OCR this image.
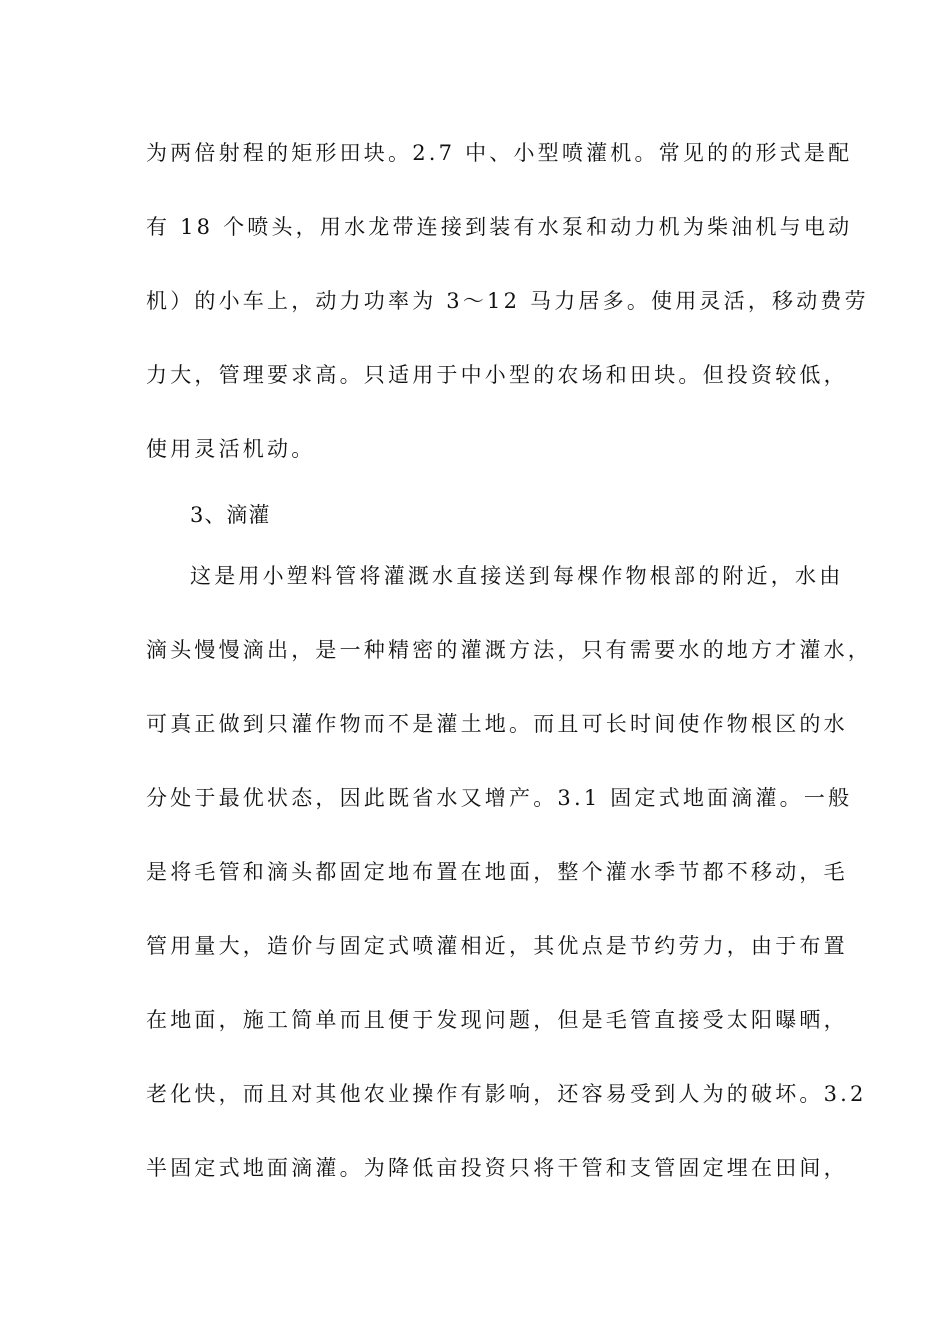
为两倍射程的矩形田块。2.7 中、小型喷灌机。常见的的形式是配
有 18 个喷头，用水龙带连接到装有水泵和动力机为柴油机与电动
机）的小车上，动力功率为 3～12 马力居多。使用灵活，移动费劳
力大，管理要求高。只适用于中小型的农场和田块。但投资较低，
使用灵活机动。
3、滴灌
这是用小塑料管将灌溉水直接送到每棵作物根部的附近，水由
滴头慢慢滴出，是一种精密的灌溉方法，只有需要水的地方才灌水，
可真正做到只灌作物而不是灌土地。而且可长时间使作物根区的水
分处于最优状态，因此既省水又增产。3.1 固定式地面滴灌。一般
是将毛管和滴头都固定地布置在地面，整个灌水季节都不移动，毛
管用量大，造价与固定式喷灌相近，其优点是节约劳力，由于布置
在地面，施工简单而且便于发现问题，但是毛管直接受太阳曝晒，
老化快，而且对其他农业操作有影响，还容易受到人为的破坏。3.2
半固定式地面滴灌。为降低亩投资只将干管和支管固定埋在田间，
